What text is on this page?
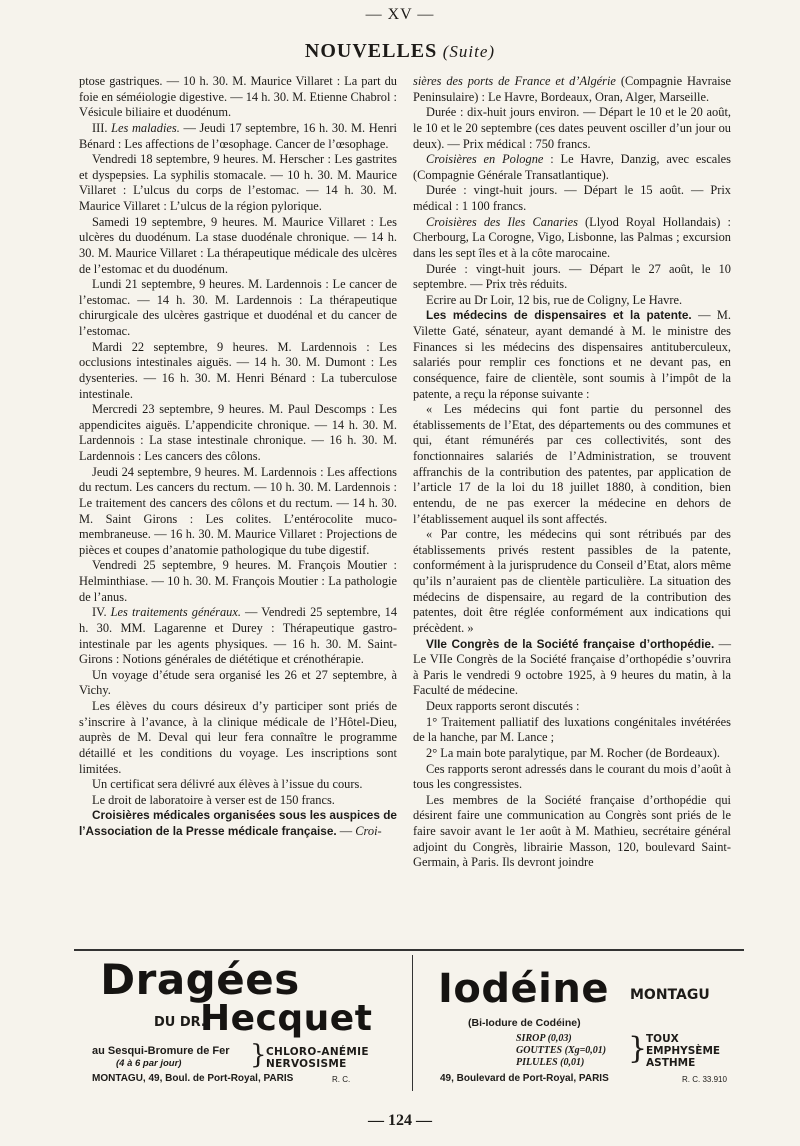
— XV —
NOUVELLES (Suite)

ptose gastriques. — 10 h. 30. M. Maurice Villaret : La part du foie en séméiologie digestive. — 14 h. 30. M. Etienne Chabrol : Vésicule biliaire et duodénum.

III. Les maladies. — Jeudi 17 septembre, 16 h. 30. M. Henri Bénard : Les affections de l’œsophage. Cancer de l’œsophage.

Vendredi 18 septembre, 9 heures. M. Herscher : Les gastrites et dyspepsies. La syphilis stomacale. — 10 h. 30. M. Maurice Villaret : L’ulcus du corps de l’estomac. — 14 h. 30. M. Maurice Villaret : L’ulcus de la région pylorique.

Samedi 19 septembre, 9 heures. M. Maurice Villaret : Les ulcères du duodénum. La stase duodénale chronique. — 14 h. 30. M. Maurice Villaret : La thérapeutique médicale des ulcères de l’estomac et du duodénum.

Lundi 21 septembre, 9 heures. M. Lardennois : Le cancer de l’estomac. — 14 h. 30. M. Lardennois : La thérapeutique chirurgicale des ulcères gastrique et duodénal et du cancer de l’estomac.

Mardi 22 septembre, 9 heures. M. Lardennois : Les occlusions intestinales aiguës. — 14 h. 30. M. Dumont : Les dysenteries. — 16 h. 30. M. Henri Bénard : La tuberculose intestinale.

Mercredi 23 septembre, 9 heures. M. Paul Descomps : Les appendicites aiguës. L’appendicite chronique. — 14 h. 30. M. Lardennois : La stase intestinale chronique. — 16 h. 30. M. Lardennois : Les cancers des côlons.

Jeudi 24 septembre, 9 heures. M. Lardennois : Les affections du rectum. Les cancers du rectum. — 10 h. 30. M. Lardennois : Le traitement des cancers des côlons et du rectum. — 14 h. 30. M. Saint Girons : Les colites. L’entérocolite muco-membraneuse. — 16 h. 30. M. Maurice Villaret : Projections de pièces et coupes d’anatomie pathologique du tube digestif.

Vendredi 25 septembre, 9 heures. M. François Moutier : Helminthiase. — 10 h. 30. M. François Moutier : La pathologie de l’anus.

IV. Les traitements généraux. — Vendredi 25 septembre, 14 h. 30. MM. Lagarenne et Durey : Thérapeutique gastro-intestinale par les agents physiques. — 16 h. 30. M. Saint-Girons : Notions générales de diététique et crénothérapie.

Un voyage d’étude sera organisé les 26 et 27 septembre, à Vichy.

Les élèves du cours désireux d’y participer sont priés de s’inscrire à l’avance, à la clinique médicale de l’Hôtel-Dieu, auprès de M. Deval qui leur fera connaître le programme détaillé et les conditions du voyage. Les inscriptions sont limitées.

Un certificat sera délivré aux élèves à l’issue du cours.

Le droit de laboratoire à verser est de 150 francs.

Croisières médicales organisées sous les auspices de l’Association de la Presse médicale française. — Croi-

sières des ports de France et d’Algérie (Compagnie Havraise Peninsulaire) : Le Havre, Bordeaux, Oran, Alger, Marseille.

Durée : dix-huit jours environ. — Départ le 10 et le 20 août, le 10 et le 20 septembre (ces dates peuvent osciller d’un jour ou deux). — Prix médical : 750 francs.

Croisières en Pologne : Le Havre, Danzig, avec escales (Compagnie Générale Transatlantique).

Durée : vingt-huit jours. — Départ le 15 août. — Prix médical : 1 100 francs.

Croisières des Iles Canaries (Llyod Royal Hollandais) : Cherbourg, La Corogne, Vigo, Lisbonne, las Palmas ; excursion dans les sept îles et à la côte marocaine.

Durée : vingt-huit jours. — Départ le 27 août, le 10 septembre. — Prix très réduits.

Ecrire au Dr Loir, 12 bis, rue de Coligny, Le Havre.

Les médecins de dispensaires et la patente. — M. Vilette Gaté, sénateur, ayant demandé à M. le ministre des Finances si les médecins des dispensaires antituberculeux, salariés pour remplir ces fonctions et ne devant pas, en conséquence, faire de clientèle, sont soumis à l’impôt de la patente, a reçu la réponse suivante :

« Les médecins qui font partie du personnel des établissements de l’Etat, des départements ou des communes et qui, étant rémunérés par ces collectivités, sont des fonctionnaires salariés de l’Administration, se trouvent affranchis de la contribution des patentes, par application de l’article 17 de la loi du 18 juillet 1880, à condition, bien entendu, de ne pas exercer la médecine en dehors de l’établissement auquel ils sont affectés.

« Par contre, les médecins qui sont rétribués par des établissements privés restent passibles de la patente, conformément à la jurisprudence du Conseil d’Etat, alors même qu’ils n’auraient pas de clientèle particulière. La situation des médecins de dispensaire, au regard de la contribution des patentes, doit être réglée conformément aux indications qui précèdent. »

VIIe Congrès de la Société française d’orthopédie. — Le VIIe Congrès de la Société française d’orthopédie s’ouvrira à Paris le vendredi 9 octobre 1925, à 9 heures du matin, à la Faculté de médecine.

Deux rapports seront discutés :

1° Traitement palliatif des luxations congénitales invétérées de la hanche, par M. Lance ;

2° La main bote paralytique, par M. Rocher (de Bordeaux).

Ces rapports seront adressés dans le courant du mois d’août à tous les congressistes.

Les membres de la Société française d’orthopédie qui désirent faire une communication au Congrès sont priés de le faire savoir avant le 1er août à M. Mathieu, secrétaire général adjoint du Congrès, librairie Masson, 120, boulevard Saint-Germain, à Paris. Ils devront joindre

Dragées
DU DR.
Hecquet
au Sesqui-Bromure de Fer
(4 à 6 par jour)	} CHLORO-ANÉMIE
NERVOSISME
MONTAGU, 49, Boul. de Port-Royal, PARIS	R. C.
Iodéine MONTAGU
(Bi-Iodure de Codéine)
SIROP (0,03)
GOUTTES (Xg=0,01)
PILULES (0,01) }
TOUX
EMPHYSÈME
ASTHME
49, Boulevard de Port-Royal, PARIS	R. C. 33.910
— 124 —
